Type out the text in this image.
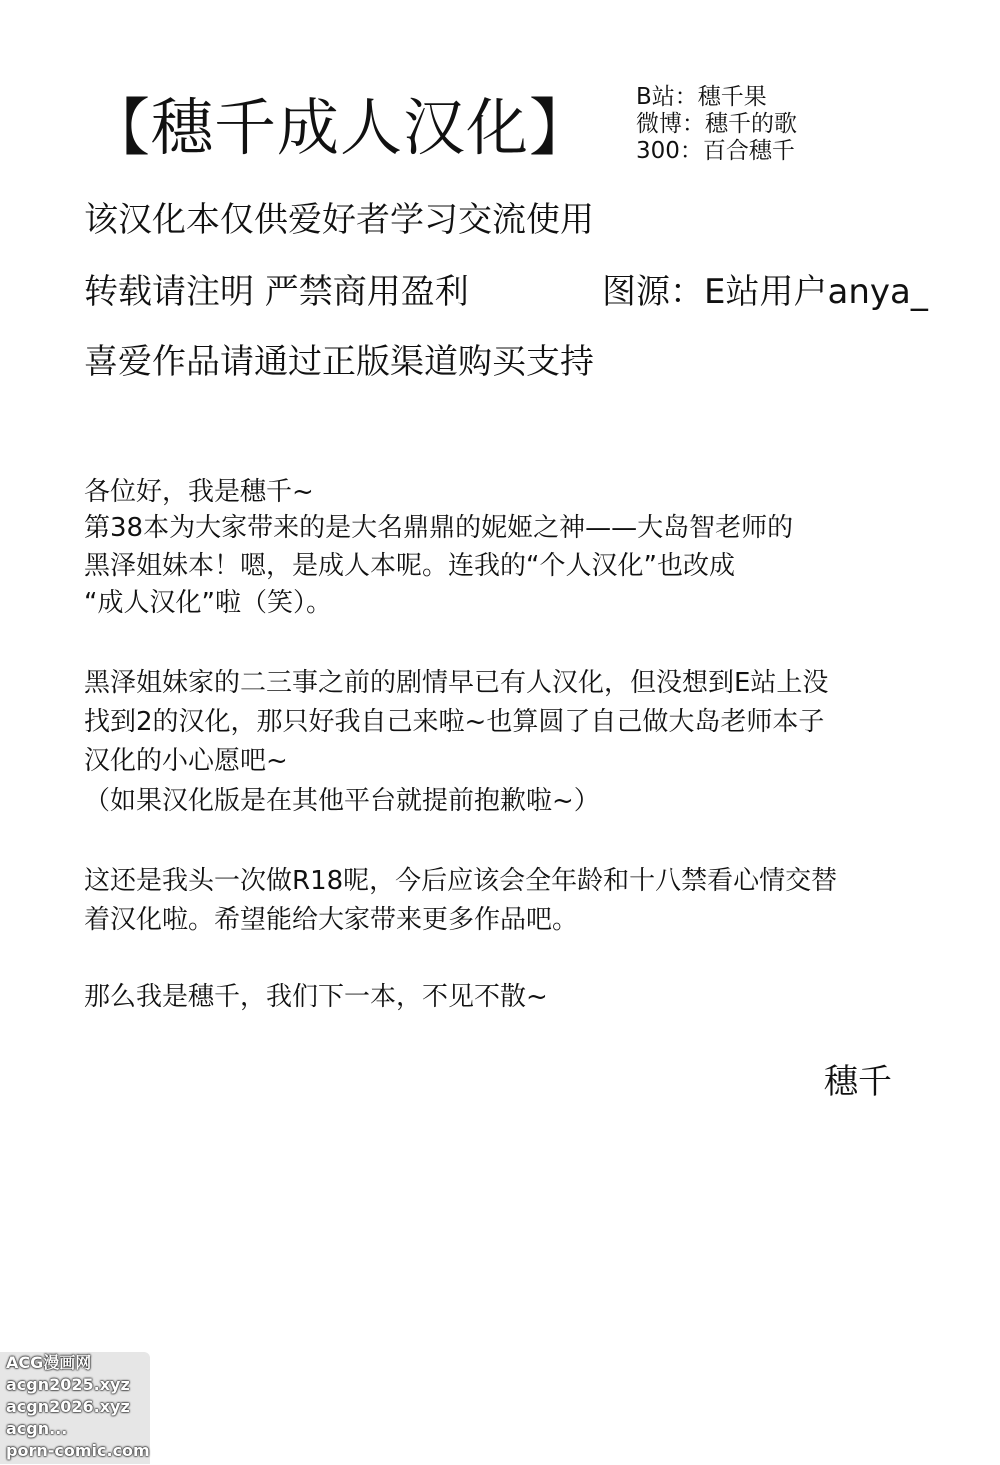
【穗千成人汉化】 B站：穗千果
微博：穗千的歌
300：百合穗千
该汉化本仅供爱好者学习交流使用
转载请注明 严禁商用盈利	图源：E站用户anya_
喜爱作品请通过正版渠道购买支持
各位好，我是穗千~
第38本为大家带来的是大名鼎鼎的妮姬之神——大岛智老师的
黑泽姐妹本！嗯，是成人本呢。连我的“个人汉化”也改成
“成人汉化”啦（笑）。
黑泽姐妹家的二三事之前的剧情早已有人汉化，但没想到E站上没
找到2的汉化，那只好我自己来啦~也算圆了自己做大岛老师本子
汉化的小心愿吧~
（如果汉化版是在其他平台就提前抱歉啦~）
这还是我头一次做R18呢，今后应该会全年龄和十八禁看心情交替
着汉化啦。希望能给大家带来更多作品吧。
那么我是穗千，我们下一本，不见不散~
穗千
ACG漫画网
acgn2025.xyz
acgn2026.xyz
acgn...
porn-comic.com
